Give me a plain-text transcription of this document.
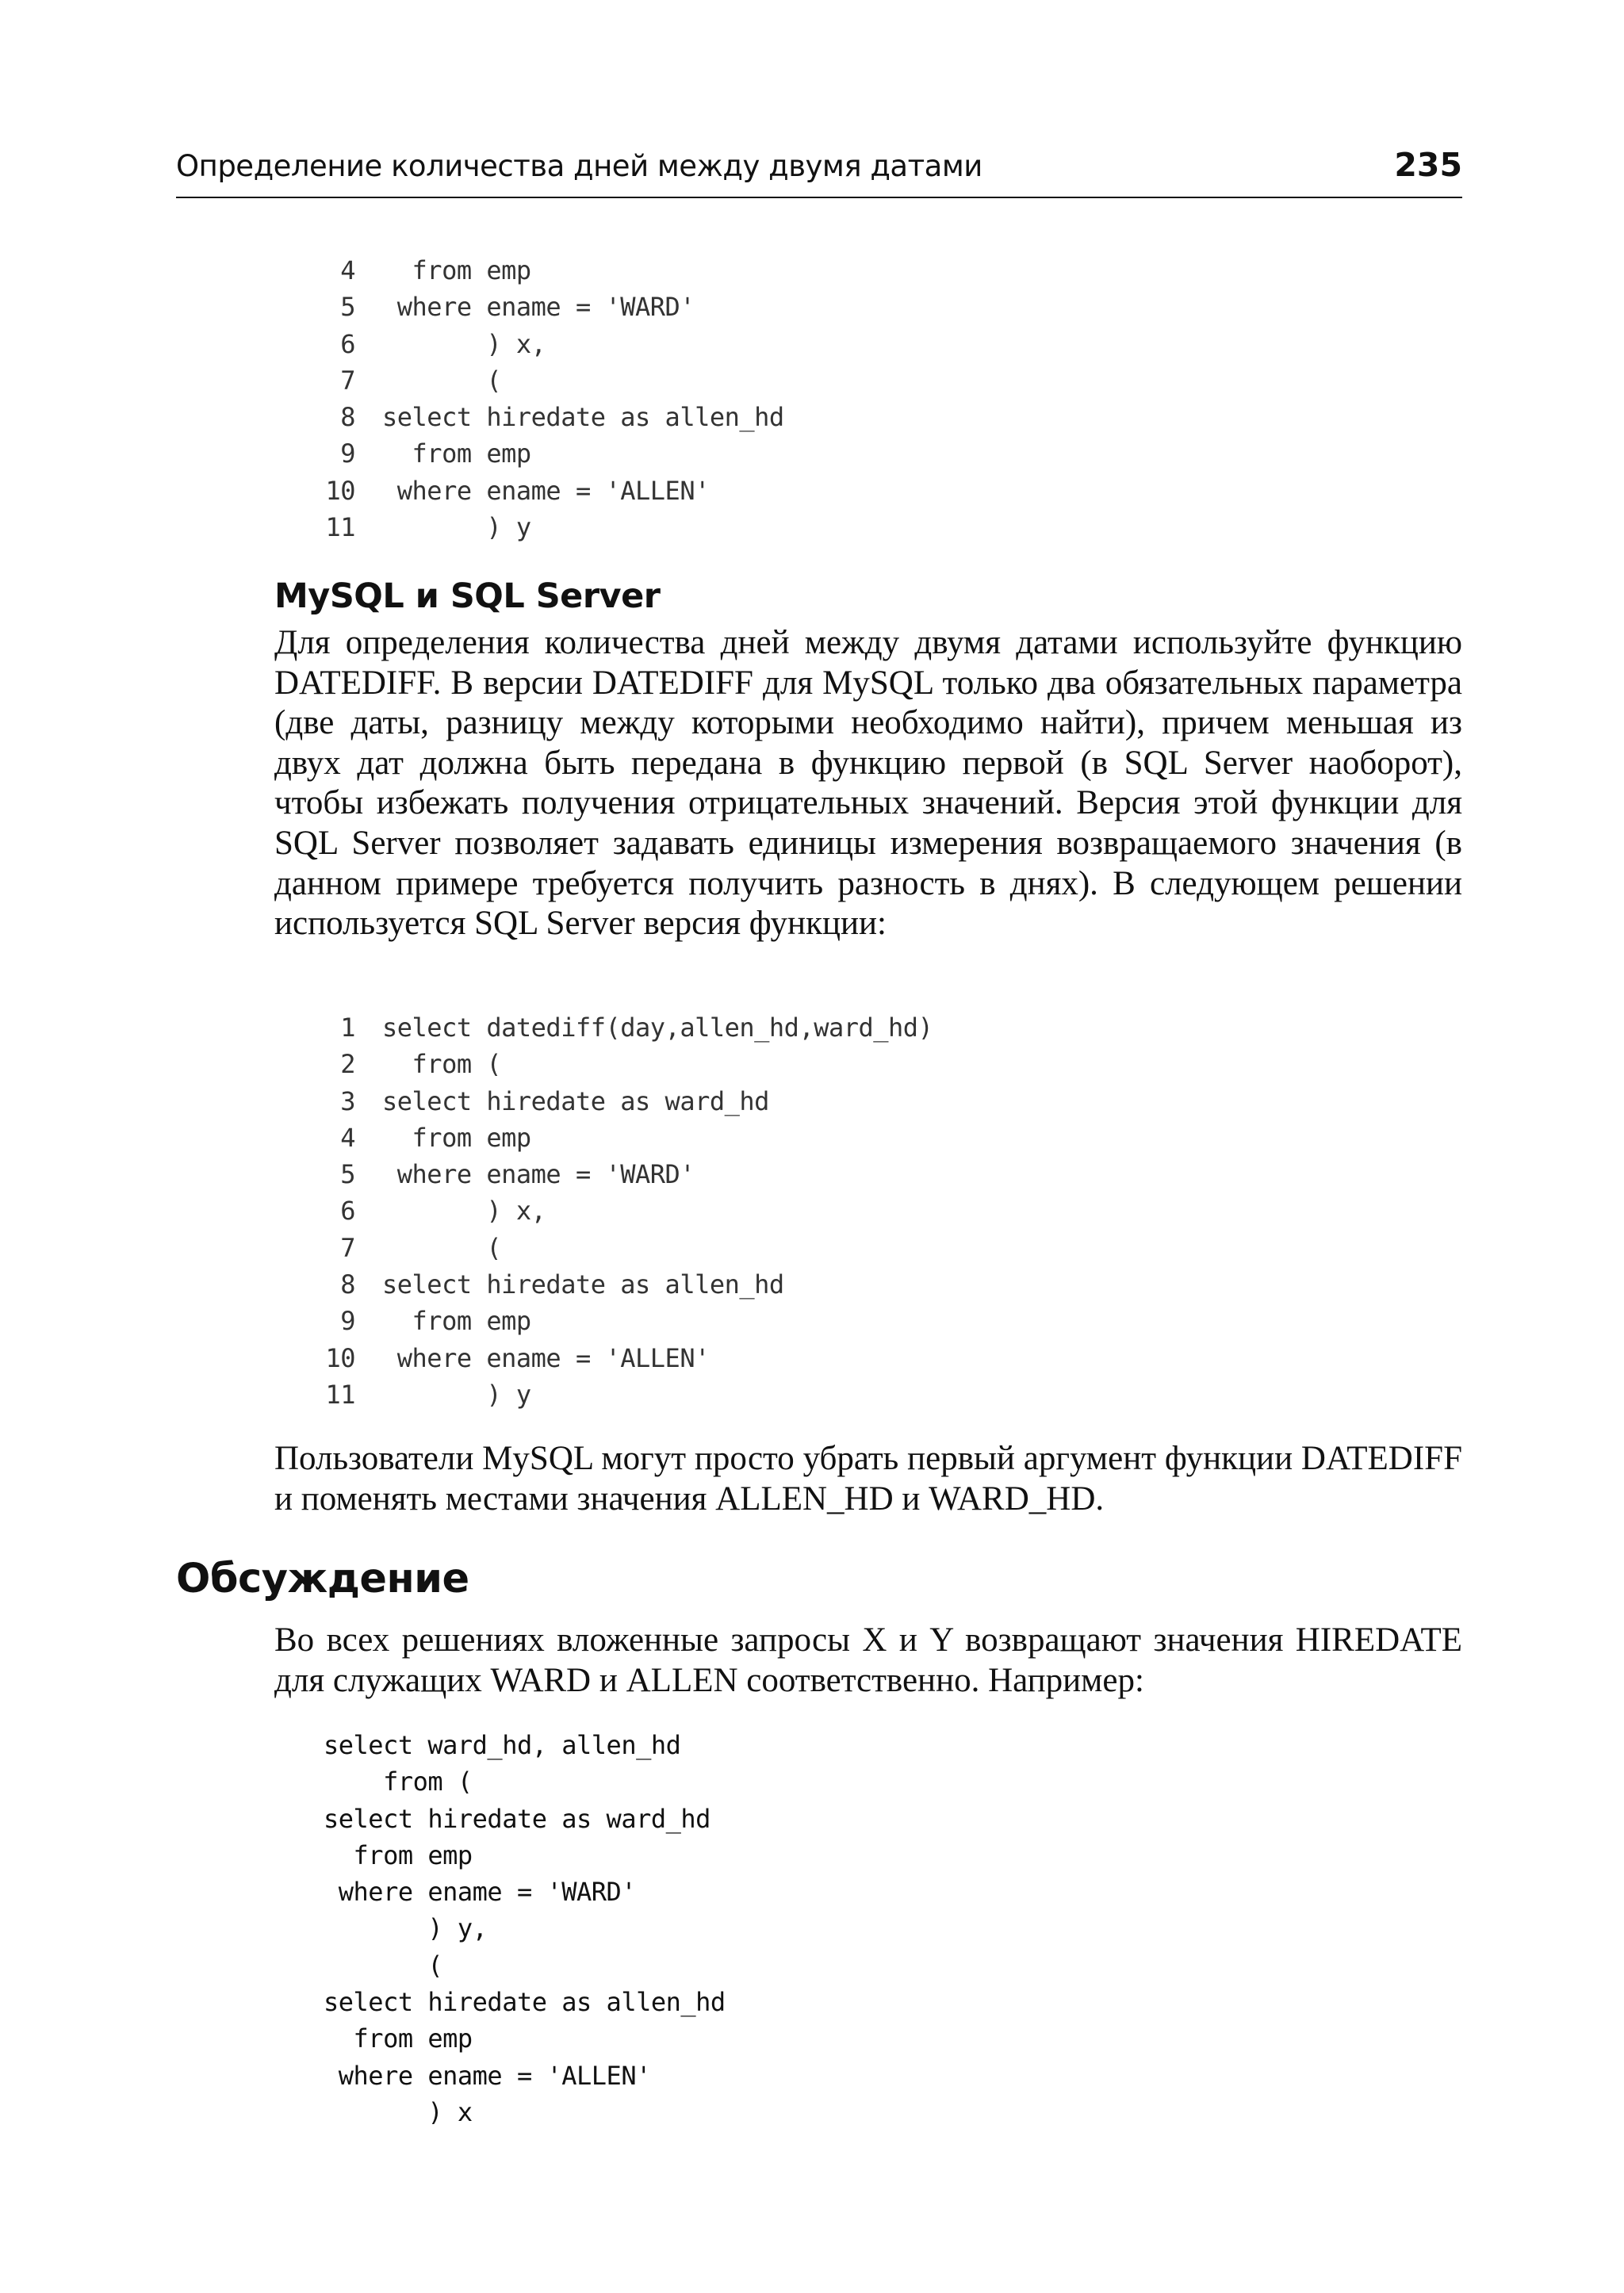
Определение количества дней между двумя датами	235
4 from emp
5 where ename = 'WARD'
6 ) x,
7 (
8 select hiredate as allen_hd
9 from emp
10 where ename = 'ALLEN'
11 ) y
MySQL и SQL Server

Для определения количества дней между двумя датами используйте функцию DATEDIFF. В версии DATEDIFF для MySQL только два обязательных параметра (две даты, разницу между которыми необходимо найти), причем меньшая из двух дат должна быть передана в функцию первой (в SQL Server наоборот), чтобы избежать получения отрицательных значений. Версия этой функции для SQL Server позволяет задавать единицы измерения возвращаемого значения (в данном примере требуется получить разность в днях). В следующем решении используется SQL Server версия функции:

1 select datediff(day,allen_hd,ward_hd)
2 from (
3 select hiredate as ward_hd
4 from emp
5 where ename = 'WARD'
6 ) x,
7 (
8 select hiredate as allen_hd
9 from emp
10 where ename = 'ALLEN'
11 ) y

Пользователи MySQL могут просто убрать первый аргумент функции DATEDIFF и поменять местами значения ALLEN_HD и WARD_HD.

Обсуждение

Во всех решениях вложенные запросы X и Y возвращают значения HIREDATE для служащих WARD и ALLEN соответственно. Например:

select ward_hd, allen_hd
from (
select hiredate as ward_hd
from emp
where ename = 'WARD'
) y,
(
select hiredate as allen_hd
from emp
where ename = 'ALLEN'
) x
